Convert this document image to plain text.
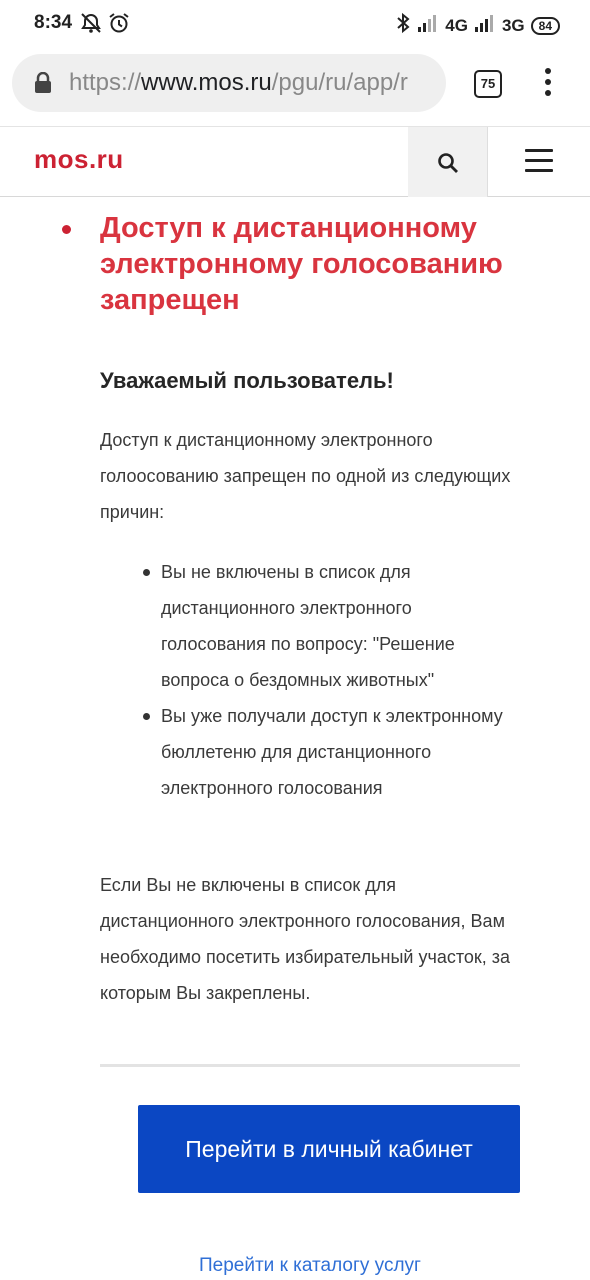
8:34	4G 3G	84
https://www.mos.ru/pgu/ru/app/r	75
mos.ru
Доступ к дистанционному электронному голосованию запрещен
Уважаемый пользователь!

Доступ к дистанционному электронного голоосованию запрещен по одной из следующих причин:

Вы не включены в список для дистанционного электронного голосования по вопросу: "Решение вопроса о бездомных животных"
Вы уже получали доступ к электронному бюллетеню для дистанционного электронного голосования

Если Вы не включены в список для дистанционного электронного голосования, Вам необходимо посетить избирательный участок, за которым Вы закреплены.

Перейти в личный кабинет
Перейти к каталогу услуг
